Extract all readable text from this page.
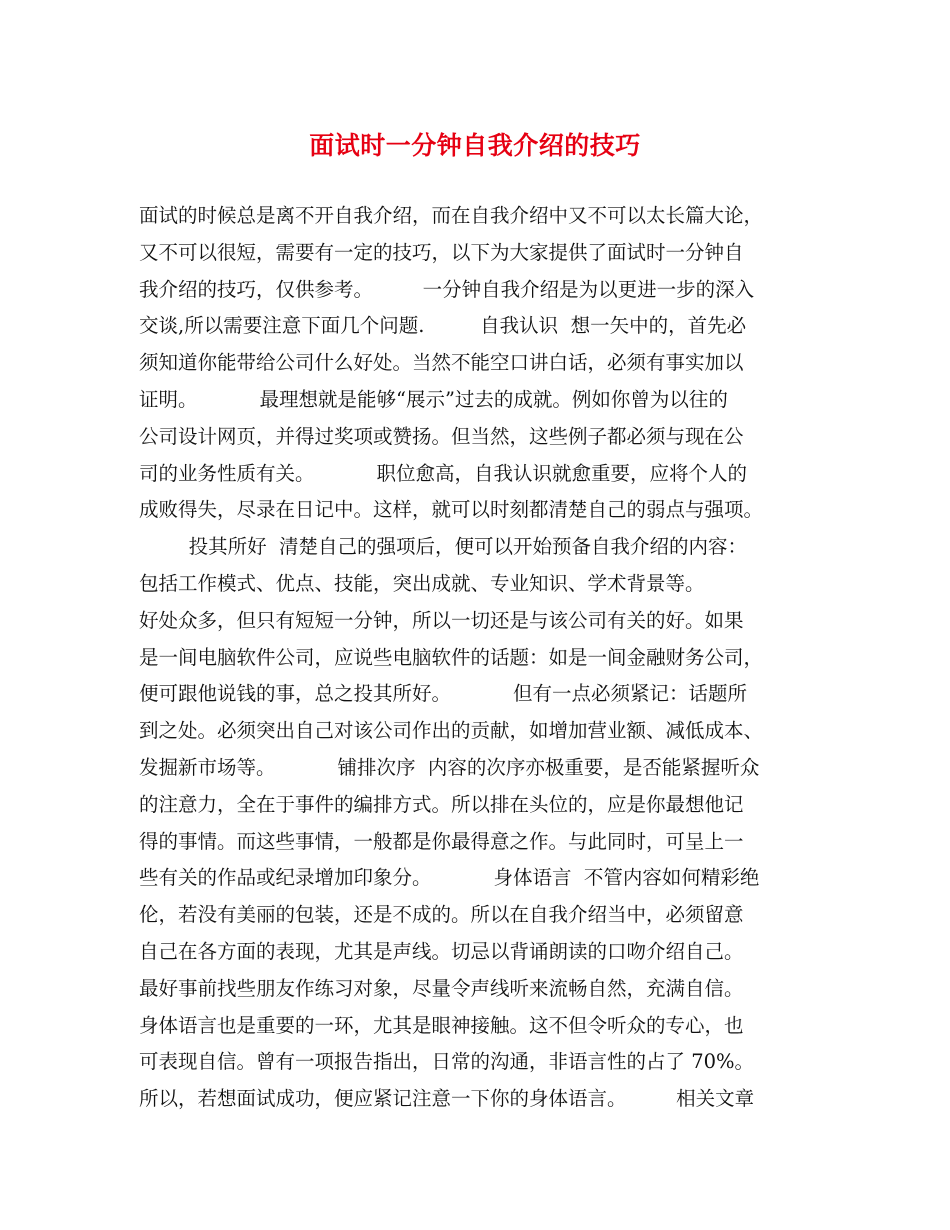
面试时一分钟自我介绍的技巧
面试的时候总是离不开自我介绍，而在自我介绍中又不可以太长篇大论，
又不可以很短，需要有一定的技巧，以下为大家提供了面试时一分钟自
我介绍的技巧，仅供参考。        一分钟自我介绍是为以更进一步的深入
交谈,所以需要注意下面几个问题.         自我认识  想一矢中的，首先必
须知道你能带给公司什么好处。当然不能空口讲白话，必须有事实加以
证明。          最理想就是能够“展示”过去的成就。例如你曾为以往的
公司设计网页，并得过奖项或赞扬。但当然，这些例子都必须与现在公
司的业务性质有关。          职位愈高，自我认识就愈重要，应将个人的
成败得失，尽录在日记中。这样，就可以时刻都清楚自己的弱点与强项。
投其所好  清楚自己的强项后，便可以开始预备自我介绍的内容：
包括工作模式、优点、技能，突出成就、专业知识、学术背景等。
好处众多，但只有短短一分钟，所以一切还是与该公司有关的好。如果
是一间电脑软件公司，应说些电脑软件的话题：如是一间金融财务公司，
便可跟他说钱的事，总之投其所好。          但有一点必须紧记：话题所
到之处。必须突出自己对该公司作出的贡献，如增加营业额、减低成本、
发掘新市场等。          铺排次序  内容的次序亦极重要，是否能紧握听众
的注意力，全在于事件的编排方式。所以排在头位的，应是你最想他记
得的事情。而这些事情，一般都是你最得意之作。与此同时，可呈上一
些有关的作品或纪录增加印象分。          身体语言  不管内容如何精彩绝
伦，若没有美丽的包装，还是不成的。所以在自我介绍当中，必须留意
自己在各方面的表现，尤其是声线。切忌以背诵朗读的口吻介绍自己。
最好事前找些朋友作练习对象，尽量令声线听来流畅自然，充满自信。
身体语言也是重要的一环，尤其是眼神接触。这不但令听众的专心，也
可表现自信。曾有一项报告指出，日常的沟通，非语言性的占了 70%。
所以，若想面试成功，便应紧记注意一下你的身体语言。        相关文章
